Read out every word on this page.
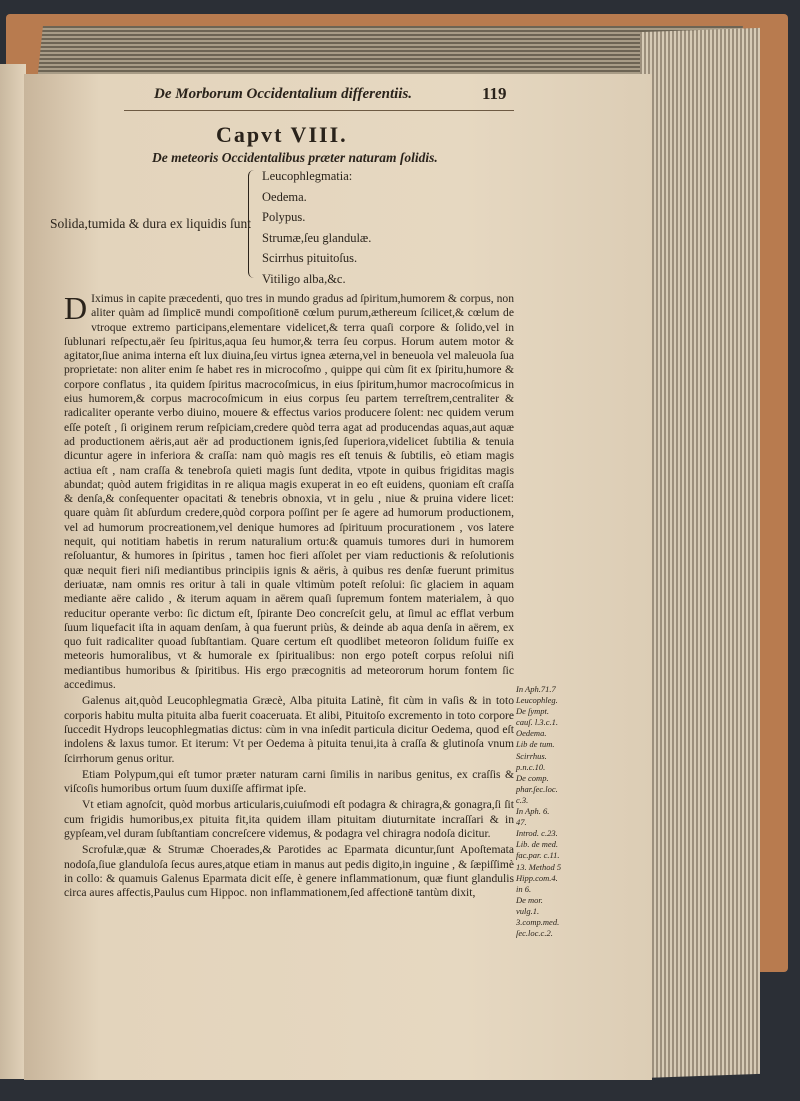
De Morborum Occidentalium differentiis.	119
Capvt VIII.
De meteoris Occidentalibus præter naturam ſolidis.
Solida,tumida & dura ex liquidis ſunt
Leucophlegmatia:
Oedema.
Polypus.
Strumæ,ſeu glandulæ.
Scirrhus pituitoſus.
Vitiligo alba,&c.

D Iximus in capite præcedenti, quo tres in mundo gradus ad ſpiritum,humorem & corpus, non aliter quàm ad ſimplicē mundi compoſitionē cœlum purum,æthereum ſcilicet,& cœlum de vtroque extremo participans,elementare videlicet,& terra quaſi corpore & ſolido,vel in ſublunari reſpectu,aër ſeu ſpiritus,aqua ſeu humor,& terra ſeu corpus. Horum autem motor & agitator,ſiue anima interna eſt lux diuina,ſeu virtus ignea æterna,vel in beneuola vel maleuola ſua proprietate: non aliter enim ſe habet res in microcoſmo , quippe qui cùm ſit ex ſpiritu,humore & corpore conflatus , ita quidem ſpiritus macrocoſmicus, in eius ſpiritum,humor macrocoſmicus in eius humorem,& corpus macrocoſmicum in eius corpus ſeu partem terreſtrem,centraliter & radicaliter operante verbo diuino, mouere & effectus varios producere ſolent: nec quidem verum eſſe poteſt , ſi originem rerum reſpiciam,credere quòd terra agat ad producendas aquas,aut aquæ ad productionem aëris,aut aër ad productionem ignis,ſed ſuperiora,videlicet ſubtilia & tenuia dicuntur agere in inferiora & craſſa: nam quò magis res eſt tenuis & ſubtilis, eò etiam magis actiua eſt , nam craſſa & tenebroſa quieti magis ſunt dedita, vtpote in quibus frigiditas magis abundat; quòd autem frigiditas in re aliqua magis exuperat in eo eſt euidens, quoniam eſt craſſa & denſa,& conſequenter opacitati & tenebris obnoxia, vt in gelu , niue & pruina videre licet: quare quàm ſit abſurdum credere,quòd corpora poſſint per ſe agere ad humorum productionem, vel ad humorum procreationem,vel denique humores ad ſpirituum procurationem , vos latere nequit, qui notitiam habetis in rerum naturalium ortu:& quamuis tumores duri in humorem reſoluantur, & humores in ſpiritus , tamen hoc fieri aſſolet per viam reductionis & reſolutionis quæ nequit fieri niſi mediantibus principiis ignis & aëris, à quibus res denſæ fuerunt primitus deriuatæ, nam omnis res oritur à tali in quale vltimùm poteſt reſolui: ſic glaciem in aquam mediante aëre calido , & iterum aquam in aërem quaſi ſupremum fontem materialem, à quo reducitur operante verbo: ſic dictum eſt, ſpirante Deo concreſcit gelu, at ſimul ac efflat verbum ſuum liquefacit iſta in aquam denſam, à qua fuerunt priùs, & deinde ab aqua denſa in aërem, ex quo fuit radicaliter quoad ſubſtantiam. Quare certum eſt quodlibet meteoron ſolidum fuiſſe ex meteoris humoralibus, vt & humorale ex ſpiritualibus: non ergo poteſt corpus reſolui niſi mediantibus humoribus & ſpiritibus. His ergo præcognitis ad meteororum horum fontem ſic accedimus.

Galenus ait,quòd Leucophlegmatia Græcè, Alba pituita Latinè, fit cùm in vaſis & in toto corporis habitu multa pituita alba fuerit coaceruata. Et alibi, Pituitoſo excremento in toto corpore ſuccedit Hydrops leucophlegmatias dictus: cùm in vna inſedit particula dicitur Oedema, quod eſt indolens & laxus tumor. Et iterum: Vt per Oedema à pituita tenui,ita à craſſa & glutinoſa vnum ſcirrhorum genus oritur.

Etiam Polypum,qui eſt tumor præter naturam carni ſimilis in naribus genitus, ex craſſis & viſcoſis humoribus ortum ſuum duxiſſe affirmat ipſe.

Vt etiam agnoſcit, quòd morbus articularis,cuiuſmodi eſt podagra & chiragra,& gonagra,ſi ſit cum frigidis humoribus,ex pituita fit,ita quidem illam pituitam diuturnitate incraſſari & in gypſeam,vel duram ſubſtantiam concreſcere videmus, & podagra vel chiragra nodoſa dicitur.

Scrofulæ,quæ & Strumæ Choerades,& Parotides ac Eparmata dicuntur,ſunt Apoſtemata nodoſa,ſiue glanduloſa ſecus aures,atque etiam in manus aut pedis digito,in inguine , & ſæpiſſimè in collo: & quamuis Galenus Eparmata dicit eſſe, è genere inflammationum, quæ fiunt glandulis circa aures affectis,Paulus cum Hippoc. non inflammationem,ſed affectionē tantùm dixit,

In Aph.71.7
Leucophleg.
De ſympt.
cauſ. l.3.c.1.
Oedema.
Lib de tum.
Scirrhus.
p.n.c.10.
De comp.
phar.ſec.loc.
c.3.
In Aph. 6.
47.
Introd. c.23.
Lib. de med.
fac.par. c.11.
13. Method 5
Hipp.com.4.
in 6.
De mor.
vulg.1.
3.comp.med.
ſec.loc.c.2.
